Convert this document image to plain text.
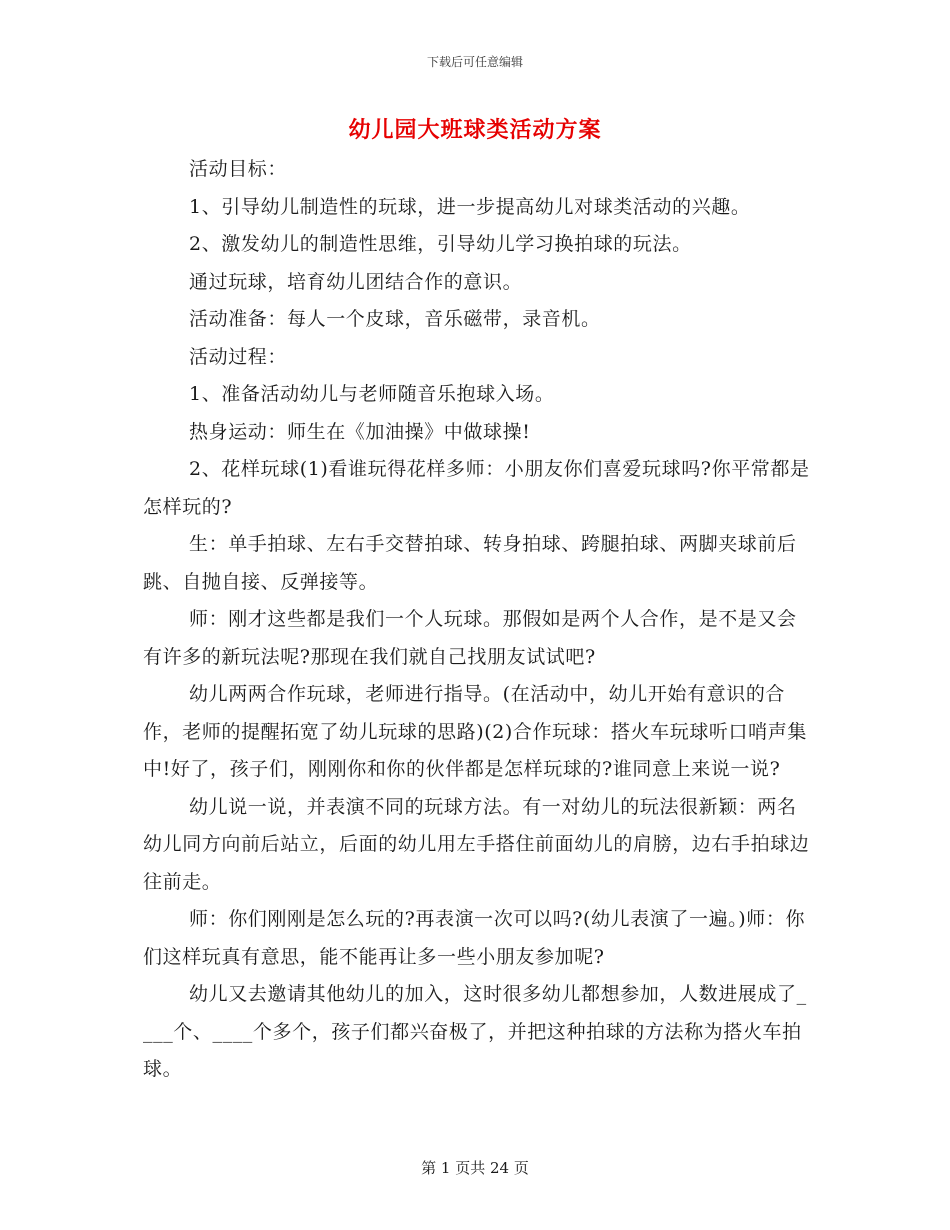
下载后可任意编辑
幼儿园大班球类活动方案

活动目标：

1、引导幼儿制造性的玩球，进一步提高幼儿对球类活动的兴趣。

2、激发幼儿的制造性思维，引导幼儿学习换拍球的玩法。

通过玩球，培育幼儿团结合作的意识。

活动准备：每人一个皮球，音乐磁带，录音机。

活动过程：

1、准备活动幼儿与老师随音乐抱球入场。

热身运动：师生在《加油操》中做球操!

2、花样玩球(1)看谁玩得花样多师：小朋友你们喜爱玩球吗?你平常都是怎样玩的?

生：单手拍球、左右手交替拍球、转身拍球、跨腿拍球、两脚夹球前后跳、自抛自接、反弹接等。

师：刚才这些都是我们一个人玩球。那假如是两个人合作，是不是又会有许多的新玩法呢?那现在我们就自己找朋友试试吧?

幼儿两两合作玩球，老师进行指导。(在活动中，幼儿开始有意识的合作，老师的提醒拓宽了幼儿玩球的思路)(2)合作玩球：搭火车玩球听口哨声集中!好了，孩子们，刚刚你和你的伙伴都是怎样玩球的?谁同意上来说一说?

幼儿说一说，并表演不同的玩球方法。有一对幼儿的玩法很新颖：两名幼儿同方向前后站立，后面的幼儿用左手搭住前面幼儿的肩膀，边右手拍球边往前走。

师：你们刚刚是怎么玩的?再表演一次可以吗?(幼儿表演了一遍。)师：你们这样玩真有意思，能不能再让多一些小朋友参加呢?

幼儿又去邀请其他幼儿的加入，这时很多幼儿都想参加，人数进展成了____个、____个多个，孩子们都兴奋极了，并把这种拍球的方法称为搭火车拍球。

第 1 页共 24 页
